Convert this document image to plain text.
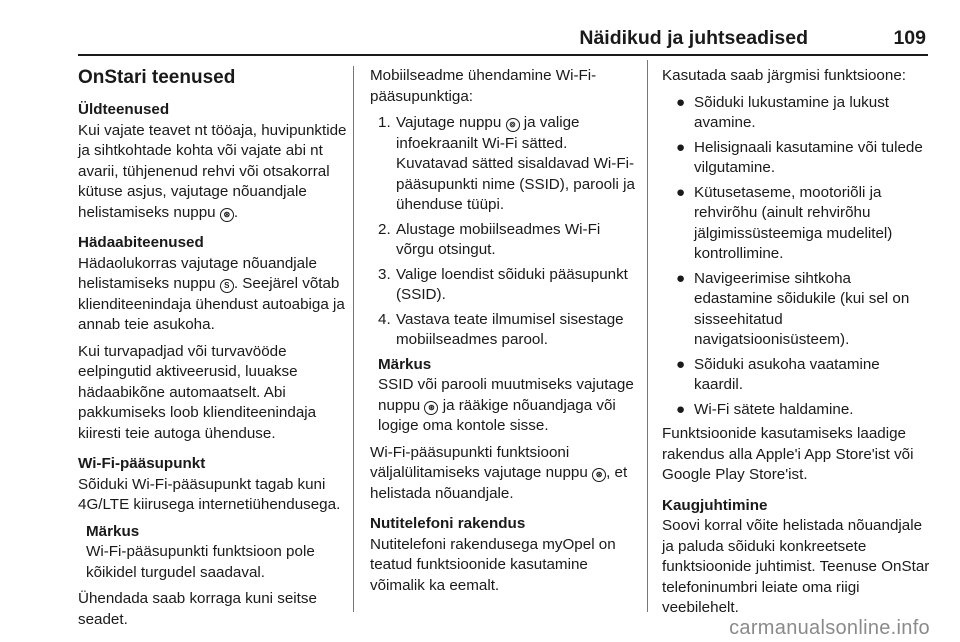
Näidikud ja juhtseadised	109
OnStari teenused
Üldteenused

Kui vajate teavet nt tööaja, huvipunktide ja sihtkohtade kohta või vajate abi nt avarii, tühjenenud rehvi või otsakorral kütuse asjus, vajutage nõuandjale helistamiseks nuppu ⊛ .

Hädaabiteenused

Hädaolukorras vajutage nõuandjale helistamiseks nuppu S . Seejärel võtab klienditeenindaja ühendust autoabiga ja annab teie asukoha.

Kui turvapadjad või turvavööde eelpingutid aktiveerusid, luuakse hädaabikõne automaatselt. Abi pakkumiseks loob klienditeenindaja kiiresti teie autoga ühenduse.

Wi-Fi-pääsupunkt

Sõiduki Wi-Fi-pääsupunkt tagab kuni 4G/LTE kiirusega internetiühendusega.

Märkus
Wi-Fi-pääsupunkti funktsioon pole kõikidel turgudel saadaval.

Ühendada saab korraga kuni seitse seadet.

Mobiilseadme ühendamine Wi-Fi-pääsupunktiga:

1. Vajutage nuppu ⊚ ja valige infoekraanilt Wi-Fi sätted. Kuvatavad sätted sisaldavad Wi-Fi-pääsupunkti nime (SSID), parooli ja ühenduse tüüpi.
2. Alustage mobiilseadmes Wi-Fi võrgu otsingut.
3. Valige loendist sõiduki pääsupunkt (SSID).
4. Vastava teate ilmumisel sisestage mobiilseadmes parool.
Märkus
SSID või parooli muutmiseks vajutage nuppu ⊛ ja rääkige nõuandjaga või logige oma kontole sisse.

Wi-Fi-pääsupunkti funktsiooni väljalülitamiseks vajutage nuppu ⊛ , et helistada nõuandjale.

Nutitelefoni rakendus

Nutitelefoni rakendusega myOpel on teatud funktsioonide kasutamine võimalik ka eemalt.

Kasutada saab järgmisi funktsioone:

● Sõiduki lukustamine ja lukust avamine.
● Helisignaali kasutamine või tulede vilgutamine.
● Kütusetaseme, mootoriõli ja rehvirõhu (ainult rehvirõhu jälgimissüsteemiga mudelitel) kontrollimine.
● Navigeerimise sihtkoha edastamine sõidukile (kui sel on sisseehitatud navigatsioonisüsteem).
● Sõiduki asukoha vaatamine kaardil.
● Wi-Fi sätete haldamine.

Funktsioonide kasutamiseks laadige rakendus alla Apple'i App Store'ist või Google Play Store'ist.

Kaugjuhtimine

Soovi korral võite helistada nõuandjale ja paluda sõiduki konkreetsete funktsioonide juhtimist. Teenuse OnStar telefoninumbri leiate oma riigi veebilehelt.

carmanualsonline.info
